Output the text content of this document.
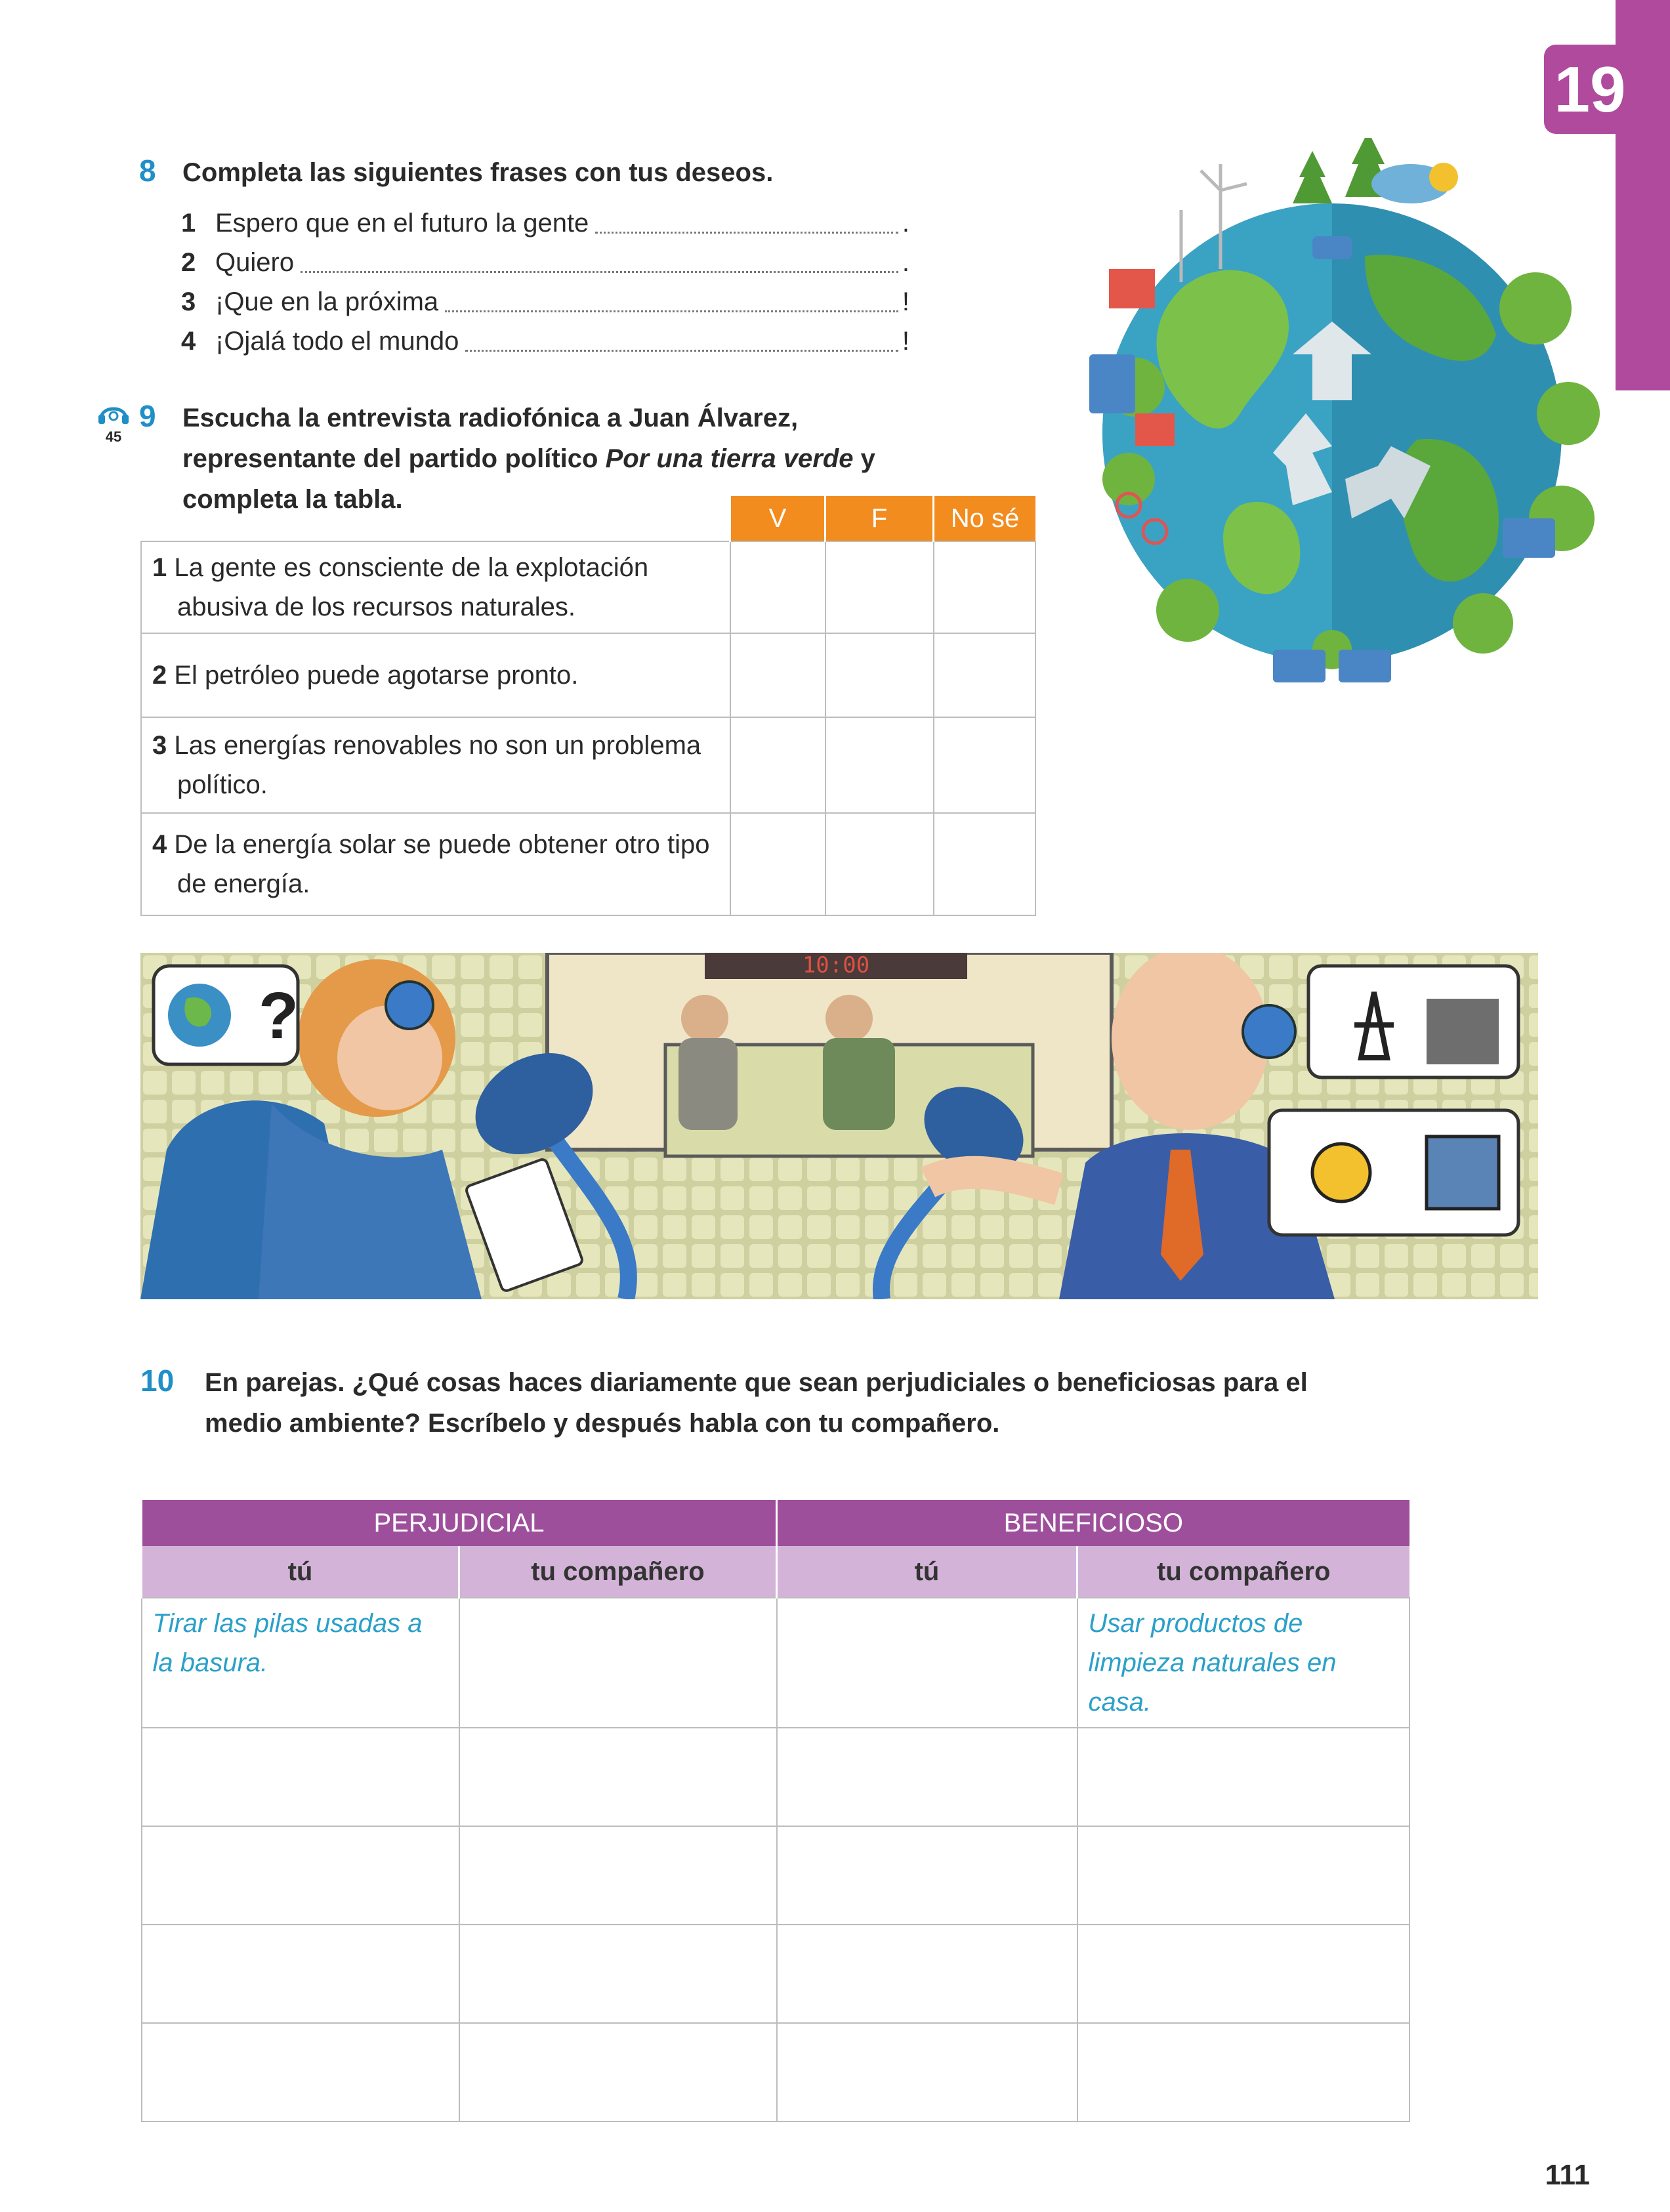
19
8	Completa las siguientes frases con tus deseos.
1 Espero que en el futuro la gente	.
2 Quiero	.
3 ¡Que en la próxima	!
4 ¡Ojalá todo el mundo	!
45
9	Escucha la entrevista radiofónica a Juan Álvarez, representante del partido político Por una tierra verde y completa la tabla.
	V	F	No sé
1 La gente es consciente de la explotación
abusiva de los recursos naturales.			

2 El petróleo puede agotarse pronto.			
3 Las energías renovables no son un problema
político.			

4 De la energía solar se puede obtener otro tipo
de energía.			

10:00
?
10	En parejas. ¿Qué cosas haces diariamente que sean perjudiciales o beneficiosas para el medio ambiente? Escríbelo y después habla con tu compañero.
PERJUDICIAL		BENEFICIOSO	
tú	tu compañero	tú	tu compañero
Tirar las pilas usadas a la basura.			Usar productos de limpieza naturales en casa.

111
